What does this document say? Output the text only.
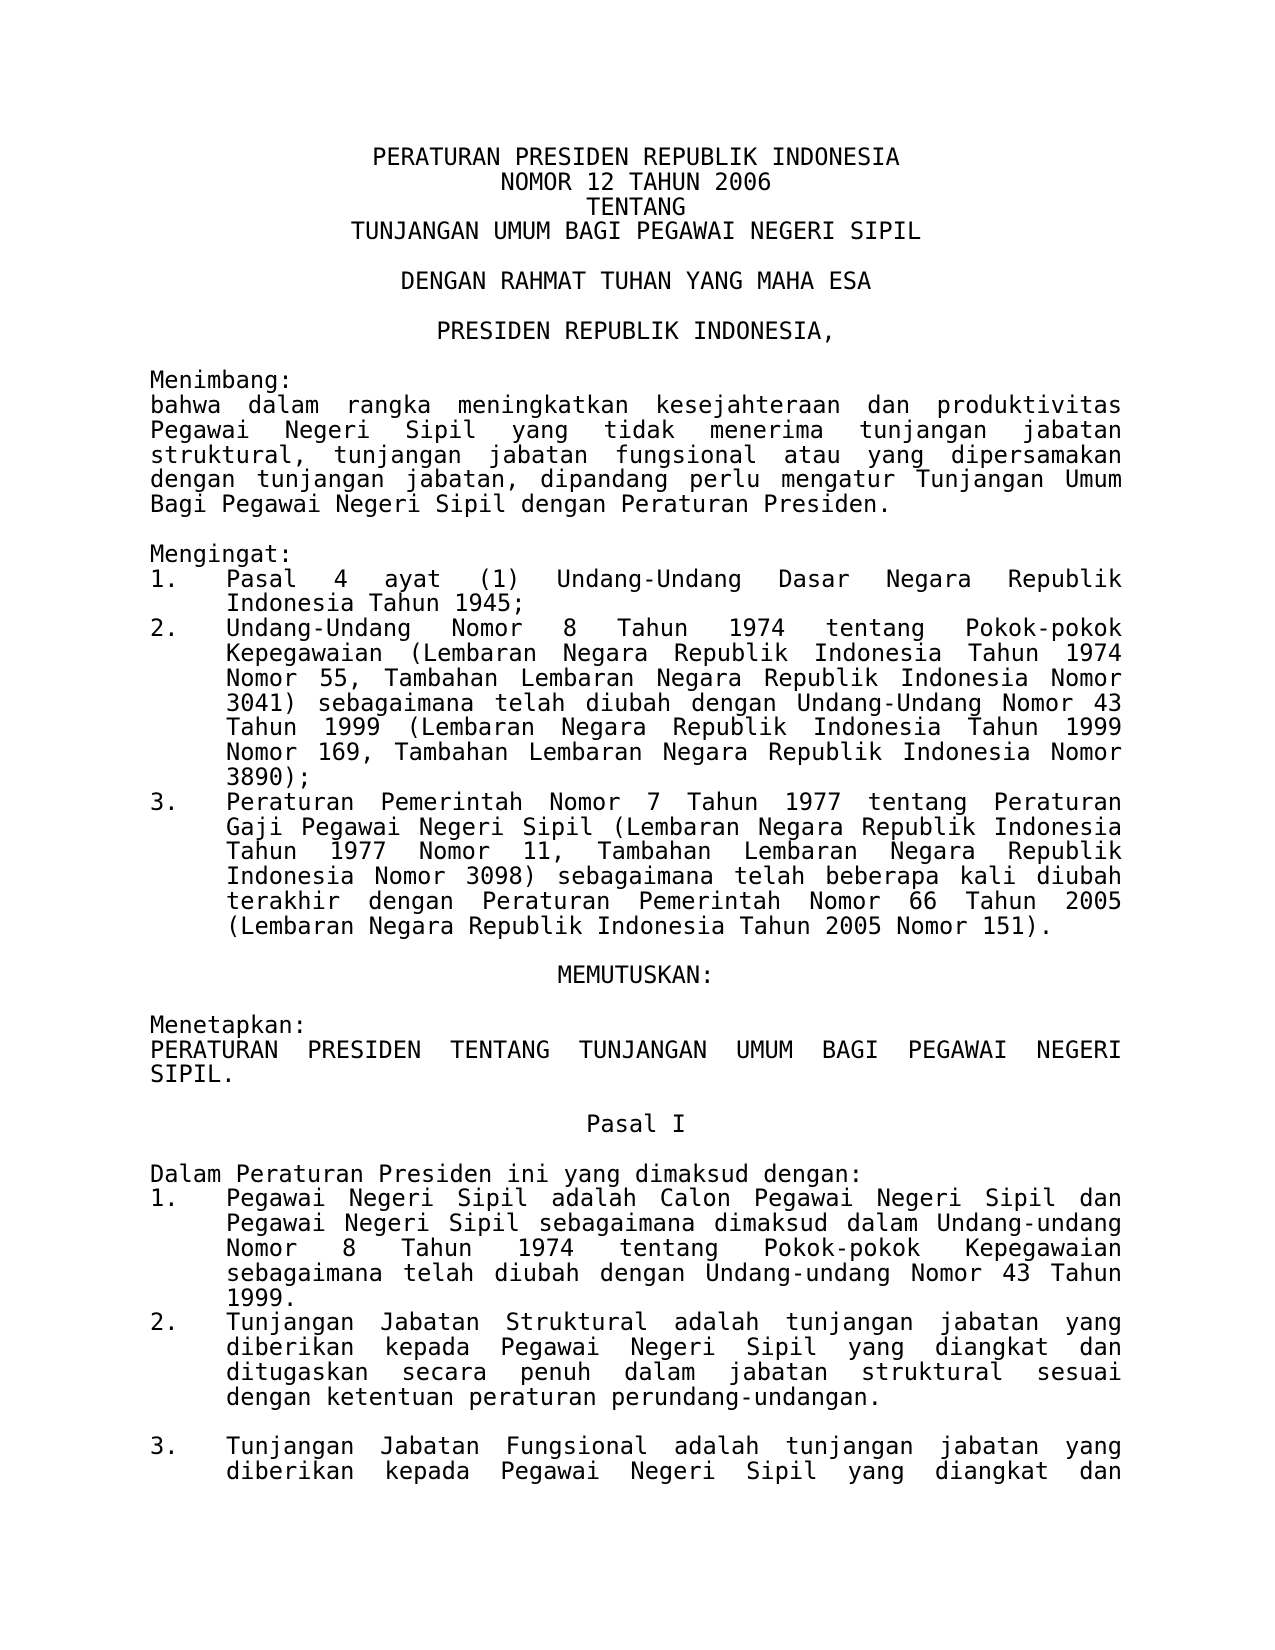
PERATURAN PRESIDEN REPUBLIK INDONESIA
NOMOR 12 TAHUN 2006
TENTANG
TUNJANGAN UMUM BAGI PEGAWAI NEGERI SIPIL
DENGAN RAHMAT TUHAN YANG MAHA ESA
PRESIDEN REPUBLIK INDONESIA,
Menimbang:
bahwa dalam rangka meningkatkan kesejahteraan dan produktivitas
Pegawai Negeri Sipil yang tidak menerima tunjangan jabatan
struktural, tunjangan jabatan fungsional atau yang dipersamakan
dengan tunjangan jabatan, dipandang perlu mengatur Tunjangan Umum
Bagi Pegawai Negeri Sipil dengan Peraturan Presiden.
Mengingat:
1.	Pasal 4 ayat (1) Undang-Undang Dasar Negara Republik
Indonesia Tahun 1945;
2.	Undang-Undang Nomor 8 Tahun 1974 tentang Pokok-pokok
Kepegawaian (Lembaran Negara Republik Indonesia Tahun 1974
Nomor 55, Tambahan Lembaran Negara Republik Indonesia Nomor
3041) sebagaimana telah diubah dengan Undang-Undang Nomor 43
Tahun 1999 (Lembaran Negara Republik Indonesia Tahun 1999
Nomor 169, Tambahan Lembaran Negara Republik Indonesia Nomor
3890);
3.	Peraturan Pemerintah Nomor 7 Tahun 1977 tentang Peraturan
Gaji Pegawai Negeri Sipil (Lembaran Negara Republik Indonesia
Tahun 1977 Nomor 11, Tambahan Lembaran Negara Republik
Indonesia Nomor 3098) sebagaimana telah beberapa kali diubah
terakhir dengan Peraturan Pemerintah Nomor 66 Tahun 2005
(Lembaran Negara Republik Indonesia Tahun 2005 Nomor 151).
MEMUTUSKAN:
Menetapkan:
PERATURAN PRESIDEN TENTANG TUNJANGAN UMUM BAGI PEGAWAI NEGERI
SIPIL.
Pasal I
Dalam Peraturan Presiden ini yang dimaksud dengan:
1.	Pegawai Negeri Sipil adalah Calon Pegawai Negeri Sipil dan
Pegawai Negeri Sipil sebagaimana dimaksud dalam Undang-undang
Nomor 8 Tahun 1974 tentang Pokok-pokok Kepegawaian
sebagaimana telah diubah dengan Undang-undang Nomor 43 Tahun
1999.
2.	Tunjangan Jabatan Struktural adalah tunjangan jabatan yang
diberikan kepada Pegawai Negeri Sipil yang diangkat dan
ditugaskan secara penuh dalam jabatan struktural sesuai
dengan ketentuan peraturan perundang-undangan.
3.	Tunjangan Jabatan Fungsional adalah tunjangan jabatan yang
diberikan kepada Pegawai Negeri Sipil yang diangkat dan
